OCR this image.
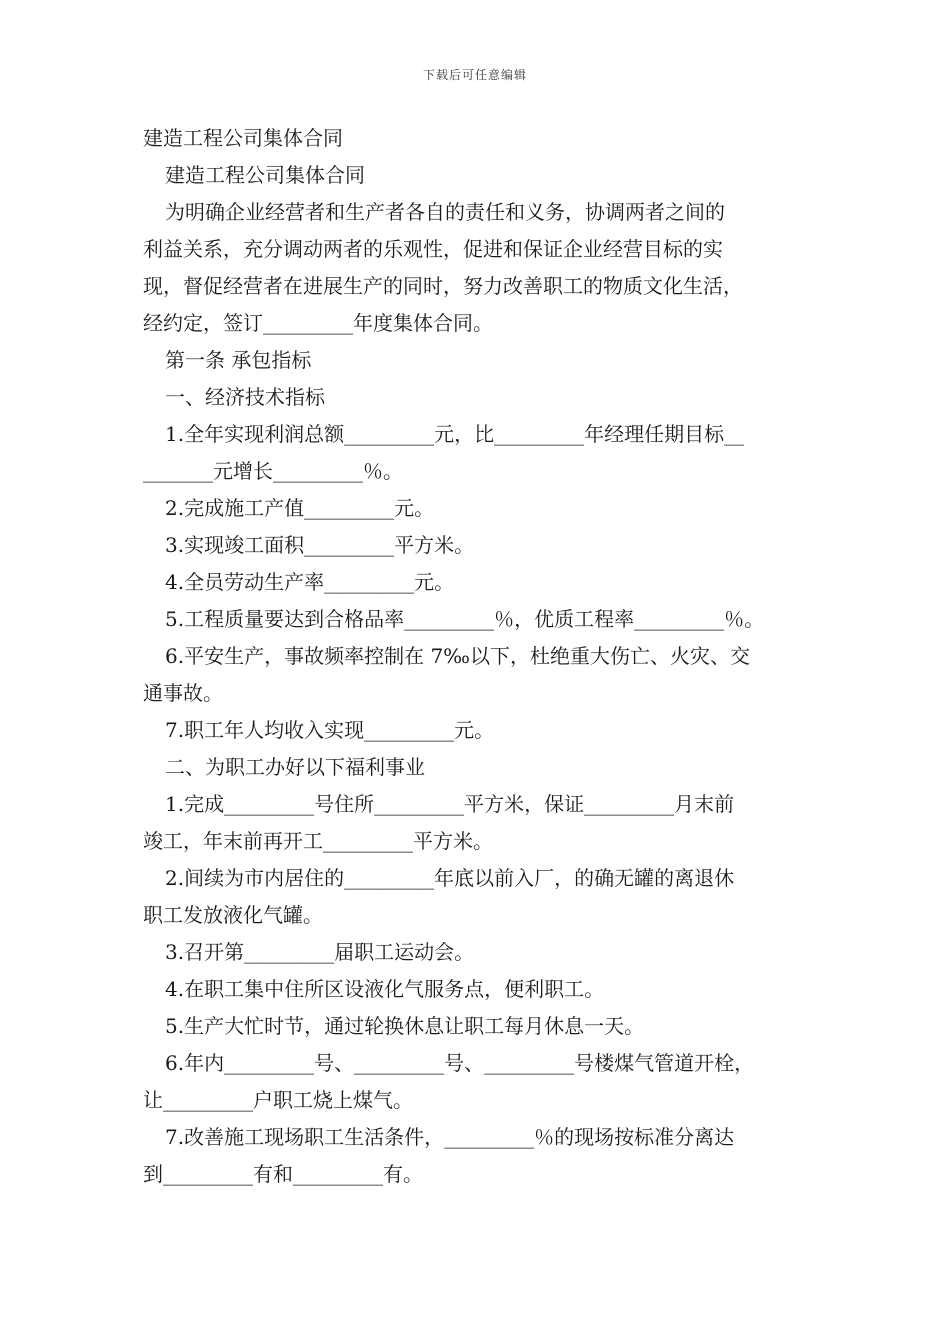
下载后可任意编辑

建造工程公司集体合同

建造工程公司集体合同

为明确企业经营者和生产者各自的责任和义务，协调两者之间的

利益关系，充分调动两者的乐观性，促进和保证企业经营目标的实

现，督促经营者在进展生产的同时，努力改善职工的物质文化生活，

经约定，签订_________年度集体合同。

第一条 承包指标

一、经济技术指标

1.全年实现利润总额_________元，比_________年经理任期目标__

_______元增长_________％。

2.完成施工产值_________元。

3.实现竣工面积_________平方米。

4.全员劳动生产率_________元。

5.工程质量要达到合格品率_________％，优质工程率_________％。

6.平安生产，事故频率控制在 7‰以下，杜绝重大伤亡、火灾、交

通事故。

7.职工年人均收入实现_________元。

二、为职工办好以下福利事业

1.完成_________号住所_________平方米，保证_________月末前

竣工，年末前再开工_________平方米。

2.间续为市内居住的_________年底以前入厂，的确无罐的离退休

职工发放液化气罐。

3.召开第_________届职工运动会。

4.在职工集中住所区设液化气服务点，便利职工。

5.生产大忙时节，通过轮换休息让职工每月休息一天。

6.年内_________号、_________号、_________号楼煤气管道开栓，

让_________户职工烧上煤气。

7.改善施工现场职工生活条件，_________％的现场按标准分离达

到_________有和_________有。
